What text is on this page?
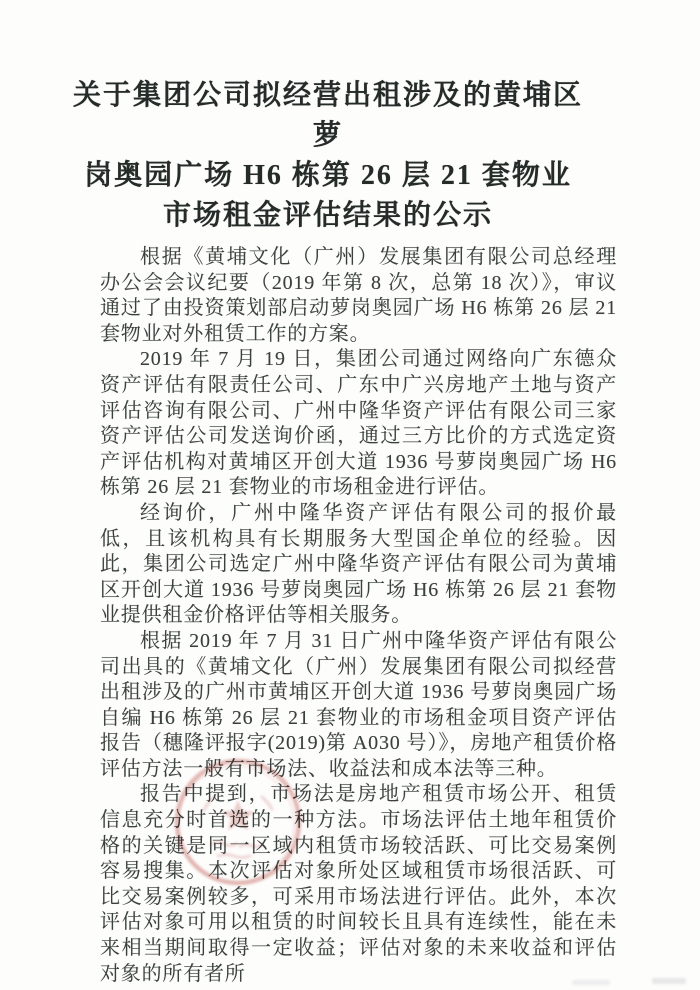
关于集团公司拟经营出租涉及的黄埔区萝
岗奥园广场 H6 栋第 26 层 21 套物业
市场租金评估结果的公示

根据《黄埔文化（广州）发展集团有限公司总经理办公会会议纪要（2019 年第 8 次，总第 18 次）》，审议通过了由投资策划部启动萝岗奥园广场 H6 栋第 26 层 21 套物业对外租赁工作的方案。

2019 年 7 月 19 日，集团公司通过网络向广东德众资产评估有限责任公司、广东中广兴房地产土地与资产评估咨询有限公司、广州中隆华资产评估有限公司三家资产评估公司发送询价函，通过三方比价的方式选定资产评估机构对黄埔区开创大道 1936 号萝岗奥园广场 H6 栋第 26 层 21 套物业的市场租金进行评估。

经询价，广州中隆华资产评估有限公司的报价最低，且该机构具有长期服务大型国企单位的经验。因此，集团公司选定广州中隆华资产评估有限公司为黄埔区开创大道 1936 号萝岗奥园广场 H6 栋第 26 层 21 套物业提供租金价格评估等相关服务。

根据 2019 年 7 月 31 日广州中隆华资产评估有限公司出具的《黄埔文化（广州）发展集团有限公司拟经营出租涉及的广州市黄埔区开创大道 1936 号萝岗奥园广场自编 H6 栋第 26 层 21 套物业的市场租金项目资产评估报告（穗隆评报字(2019)第 A030 号）》，房地产租赁价格评估方法一般有市场法、收益法和成本法等三种。

报告中提到，市场法是房地产租赁市场公开、租赁信息充分时首选的一种方法。市场法评估土地年租赁价格的关键是同一区域内租赁市场较活跃、可比交易案例容易搜集。本次评估对象所处区域租赁市场很活跃、可比交易案例较多，可采用市场法进行评估。此外，本次评估对象可用以租赁的时间较长且具有连续性，能在未来相当期间取得一定收益；评估对象的未来收益和评估对象的所有者所
